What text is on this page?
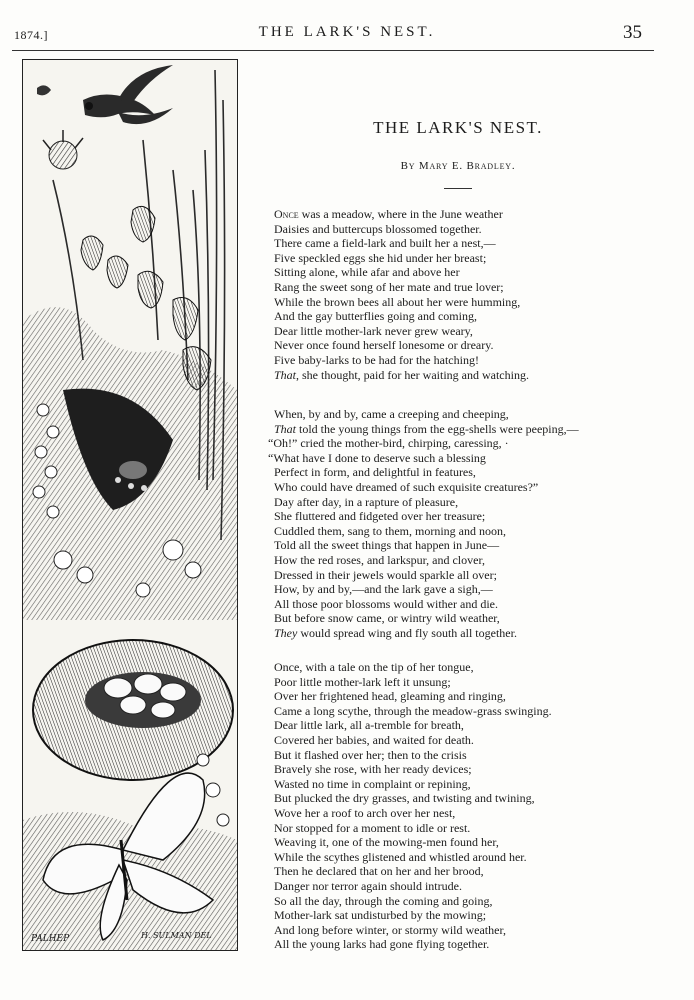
1874.]	THE LARK'S NEST.	35
PALHEP	H. SULMAN DEL
THE LARK'S NEST.
By Mary E. Bradley.
Once was a meadow, where in the June weather
Daisies and buttercups blossomed together.
There came a field-lark and built her a nest,—
Five speckled eggs she hid under her breast;
Sitting alone, while afar and above her
Rang the sweet song of her mate and true lover;
While the brown bees all about her were humming,
And the gay butterflies going and coming,
Dear little mother-lark never grew weary,
Never once found herself lonesome or dreary.
Five baby-larks to be had for the hatching!
That, she thought, paid for her waiting and watching.
When, by and by, came a creeping and cheeping,
That told the young things from the egg-shells were peeping,—
“Oh!” cried the mother-bird, chirping, caressing, ·
“What have I done to deserve such a blessing
Perfect in form, and delightful in features,
Who could have dreamed of such exquisite creatures?”
Day after day, in a rapture of pleasure,
She fluttered and fidgeted over her treasure;
Cuddled them, sang to them, morning and noon,
Told all the sweet things that happen in June—
How the red roses, and larkspur, and clover,
Dressed in their jewels would sparkle all over;
How, by and by,—and the lark gave a sigh,—
All those poor blossoms would wither and die.
But before snow came, or wintry wild weather,
They would spread wing and fly south all together.
Once, with a tale on the tip of her tongue,
Poor little mother-lark left it unsung;
Over her frightened head, gleaming and ringing,
Came a long scythe, through the meadow-grass swinging.
Dear little lark, all a-tremble for breath,
Covered her babies, and waited for death.
But it flashed over her; then to the crisis
Bravely she rose, with her ready devices;
Wasted no time in complaint or repining,
But plucked the dry grasses, and twisting and twining,
Wove her a roof to arch over her nest,
Nor stopped for a moment to idle or rest.
Weaving it, one of the mowing-men found her,
While the scythes glistened and whistled around her.
Then he declared that on her and her brood,
Danger nor terror again should intrude.
So all the day, through the coming and going,
Mother-lark sat undisturbed by the mowing;
And long before winter, or stormy wild weather,
All the young larks had gone flying together.
